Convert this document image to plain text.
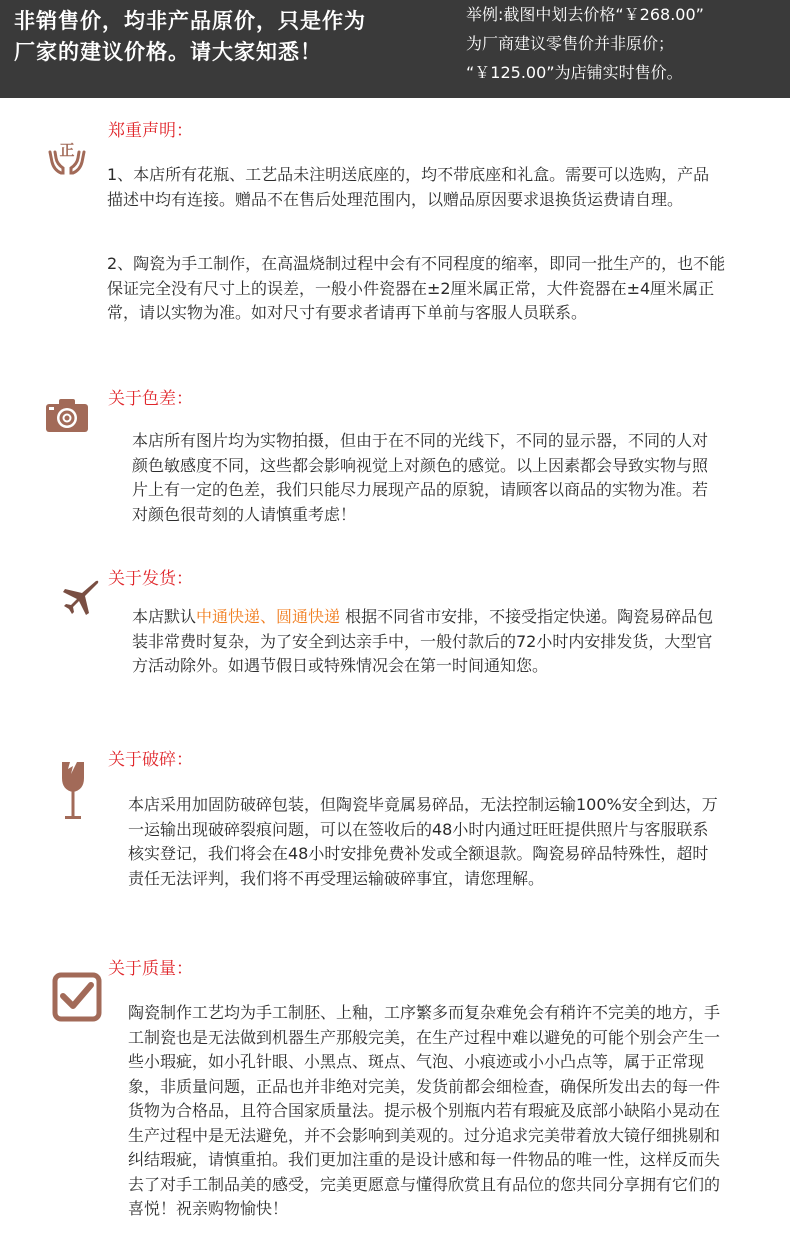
非销售价，均非产品原价，只是作为
厂家的建议价格。请大家知悉！
举例:截图中划去价格“￥268.00”
为厂商建议零售价并非原价；
“￥125.00”为店铺实时售价。
正
郑重声明：
1、本店所有花瓶、工艺品未注明送底座的，均不带底座和礼盒。需要可以选购，产品描述中均有连接。赠品不在售后处理范围内，以赠品原因要求退换货运费请自理。
2、陶瓷为手工制作，在高温烧制过程中会有不同程度的缩率，即同一批生产的，也不能保证完全没有尺寸上的误差，一般小件瓷器在±2厘米属正常，大件瓷器在±4厘米属正常，请以实物为准。如对尺寸有要求者请再下单前与客服人员联系。
关于色差：
本店所有图片均为实物拍摄，但由于在不同的光线下，不同的显示器，不同的人对颜色敏感度不同，这些都会影响视觉上对颜色的感觉。以上因素都会导致实物与照片上有一定的色差，我们只能尽力展现产品的原貌，请顾客以商品的实物为准。若对颜色很苛刻的人请慎重考虑！
关于发货：
本店默认中通快递、圆通快递 根据不同省市安排，不接受指定快递。陶瓷易碎品包装非常费时复杂，为了安全到达亲手中，一般付款后的72小时内安排发货，大型官方活动除外。如遇节假日或特殊情况会在第一时间通知您。
关于破碎：
本店采用加固防破碎包装，但陶瓷毕竟属易碎品，无法控制运输100%安全到达，万一运输出现破碎裂痕问题，可以在签收后的48小时内通过旺旺提供照片与客服联系核实登记，我们将会在48小时安排免费补发或全额退款。陶瓷易碎品特殊性，超时责任无法评判，我们将不再受理运输破碎事宜，请您理解。
关于质量：
陶瓷制作工艺均为手工制胚、上釉，工序繁多而复杂难免会有稍许不完美的地方，手工制瓷也是无法做到机器生产那般完美，在生产过程中难以避免的可能个别会产生一些小瑕疵，如小孔针眼、小黑点、斑点、气泡、小痕迹或小小凸点等，属于正常现象，非质量问题，正品也并非绝对完美，发货前都会细检查，确保所发出去的每一件货物为合格品，且符合国家质量法。提示极个别瓶内若有瑕疵及底部小缺陷小晃动在生产过程中是无法避免，并不会影响到美观的。过分追求完美带着放大镜仔细挑剔和纠结瑕疵，请慎重拍。我们更加注重的是设计感和每一件物品的唯一性，这样反而失去了对手工制品美的感受，完美更愿意与懂得欣赏且有品位的您共同分享拥有它们的喜悦！祝亲购物愉快！
